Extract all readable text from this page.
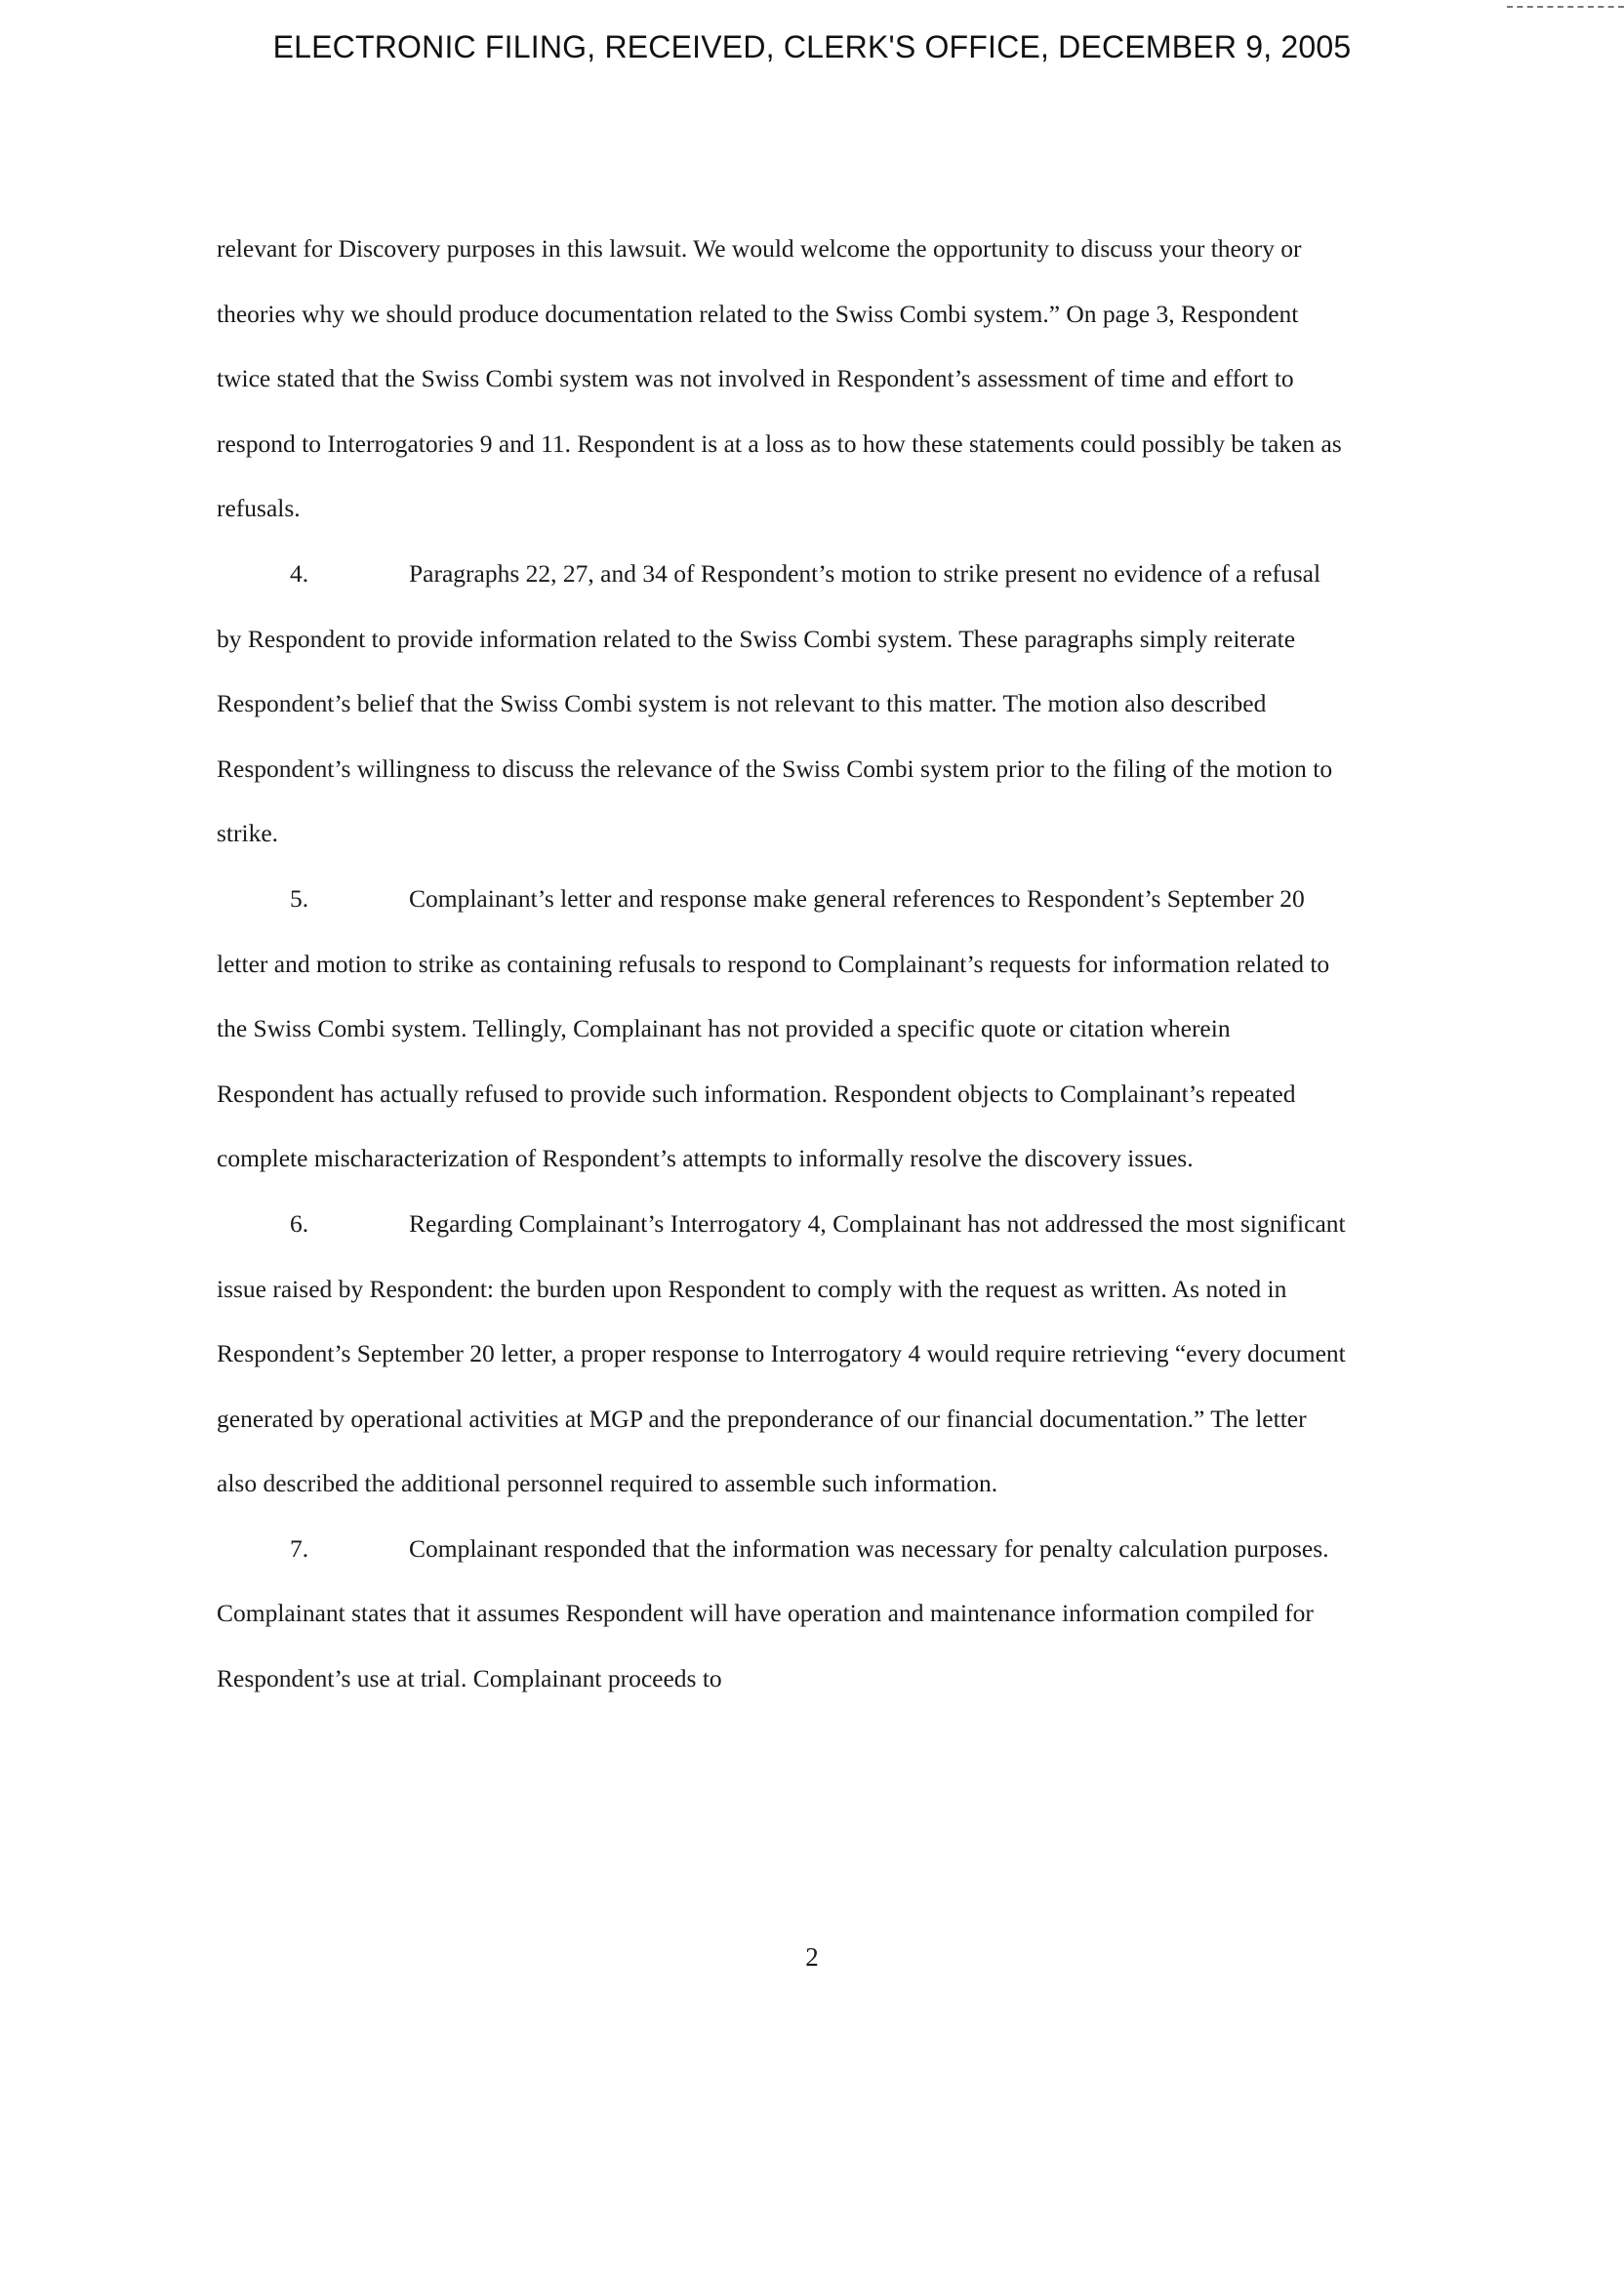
ELECTRONIC FILING, RECEIVED, CLERK'S OFFICE, DECEMBER 9, 2005

relevant for Discovery purposes in this lawsuit. We would welcome the opportunity to discuss your theory or theories why we should produce documentation related to the Swiss Combi system.” On page 3, Respondent twice stated that the Swiss Combi system was not involved in Respondent’s assessment of time and effort to respond to Interrogatories 9 and 11. Respondent is at a loss as to how these statements could possibly be taken as refusals.

4.	Paragraphs 22, 27, and 34 of Respondent’s motion to strike present no evidence of a refusal by Respondent to provide information related to the Swiss Combi system. These paragraphs simply reiterate Respondent’s belief that the Swiss Combi system is not relevant to this matter. The motion also described Respondent’s willingness to discuss the relevance of the Swiss Combi system prior to the filing of the motion to strike.

5.	Complainant’s letter and response make general references to Respondent’s September 20 letter and motion to strike as containing refusals to respond to Complainant’s requests for information related to the Swiss Combi system. Tellingly, Complainant has not provided a specific quote or citation wherein Respondent has actually refused to provide such information. Respondent objects to Complainant’s repeated complete mischaracterization of Respondent’s attempts to informally resolve the discovery issues.

6.	Regarding Complainant’s Interrogatory 4, Complainant has not addressed the most significant issue raised by Respondent: the burden upon Respondent to comply with the request as written. As noted in Respondent’s September 20 letter, a proper response to Interrogatory 4 would require retrieving “every document generated by operational activities at MGP and the preponderance of our financial documentation.” The letter also described the additional personnel required to assemble such information.

7.	Complainant responded that the information was necessary for penalty calculation purposes. Complainant states that it assumes Respondent will have operation and maintenance information compiled for Respondent’s use at trial. Complainant proceeds to

2
